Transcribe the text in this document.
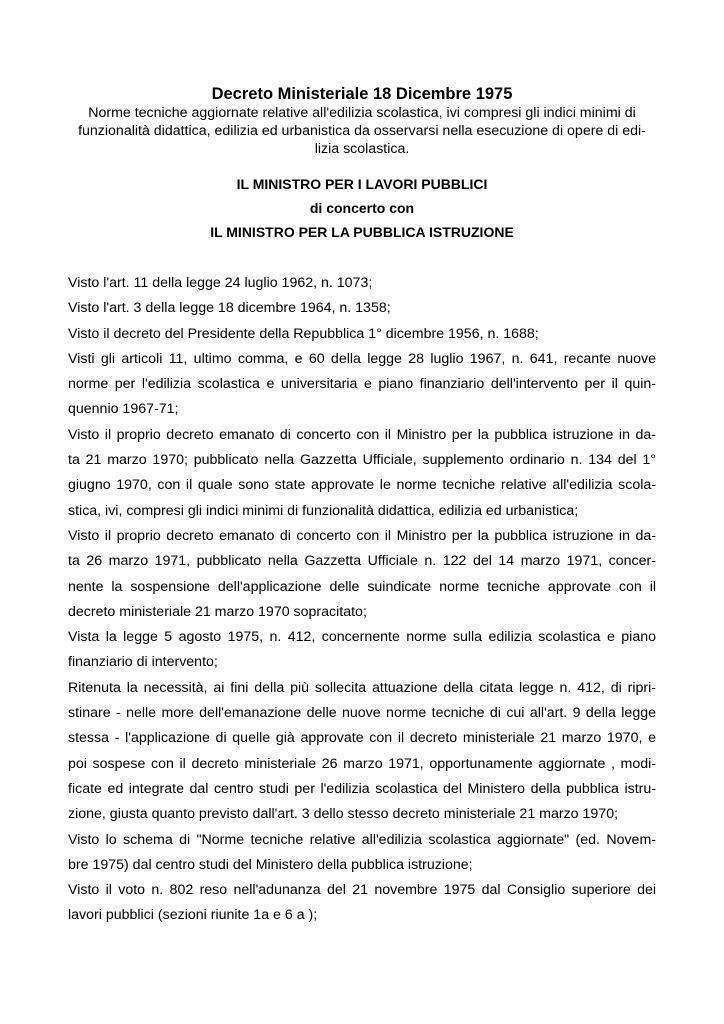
Decreto Ministeriale 18 Dicembre 1975

Norme tecniche aggiornate relative all'edilizia scolastica, ivi compresi gli indici minimi di
funzionalità didattica, edilizia ed urbanistica da osservarsi nella esecuzione di opere di edi-
lizia scolastica.

IL MINISTRO PER I LAVORI PUBBLICI
di concerto con
IL MINISTRO PER LA PUBBLICA ISTRUZIONE

Visto l'art. 11 della legge 24 luglio 1962, n. 1073;

Visto l'art. 3 della legge 18 dicembre 1964, n. 1358;

Visto il decreto del Presidente della Repubblica 1° dicembre 1956, n. 1688;

Visti gli articoli 11, ultimo comma, e 60 della legge 28 luglio 1967, n. 641, recante nuove
norme per l'edilizia scolastica e universitaria e piano finanziario dell'intervento per il quin-
quennio 1967-71;

Visto il proprio decreto emanato di concerto con il Ministro per la pubblica istruzione in da-
ta 21 marzo 1970; pubblicato nella Gazzetta Ufficiale, supplemento ordinario n. 134 del 1°
giugno 1970, con il quale sono state approvate le norme tecniche relative all'edilizia scola-
stica, ivi, compresi gli indici minimi di funzionalità didattica, edilizia ed urbanistica;

Visto il proprio decreto emanato di concerto con il Ministro per la pubblica istruzione in da-
ta 26 marzo 1971, pubblicato nella Gazzetta Ufficiale n. 122 del 14 marzo 1971, concer-
nente la sospensione dell'applicazione delle suindicate norme tecniche approvate con il
decreto ministeriale 21 marzo 1970 sopracitato;

Vista la legge 5 agosto 1975, n. 412, concernente norme sulla edilizia scolastica e piano
finanziario di intervento;

Ritenuta la necessità, ai fini della più sollecita attuazione della citata legge n. 412, di ripri-
stinare - nelle more dell'emanazione delle nuove norme tecniche di cui all'art. 9 della legge
stessa - l'applicazione di quelle già approvate con il decreto ministeriale 21 marzo 1970, e
poi sospese con il decreto ministeriale 26 marzo 1971, opportunamente aggiornate , modi-
ficate ed integrate dal centro studi per l'edilizia scolastica del Ministero della pubblica istru-
zione, giusta quanto previsto dall'art. 3 dello stesso decreto ministeriale 21 marzo 1970;

Visto lo schema di "Norme tecniche relative all'edilizia scolastica aggiornate" (ed. Novem-
bre 1975) dal centro studi del Ministero della pubblica istruzione;

Visto il voto n. 802 reso nell'adunanza del 21 novembre 1975 dal Consiglio superiore dei
lavori pubblici (sezioni riunite 1a e 6 a );
